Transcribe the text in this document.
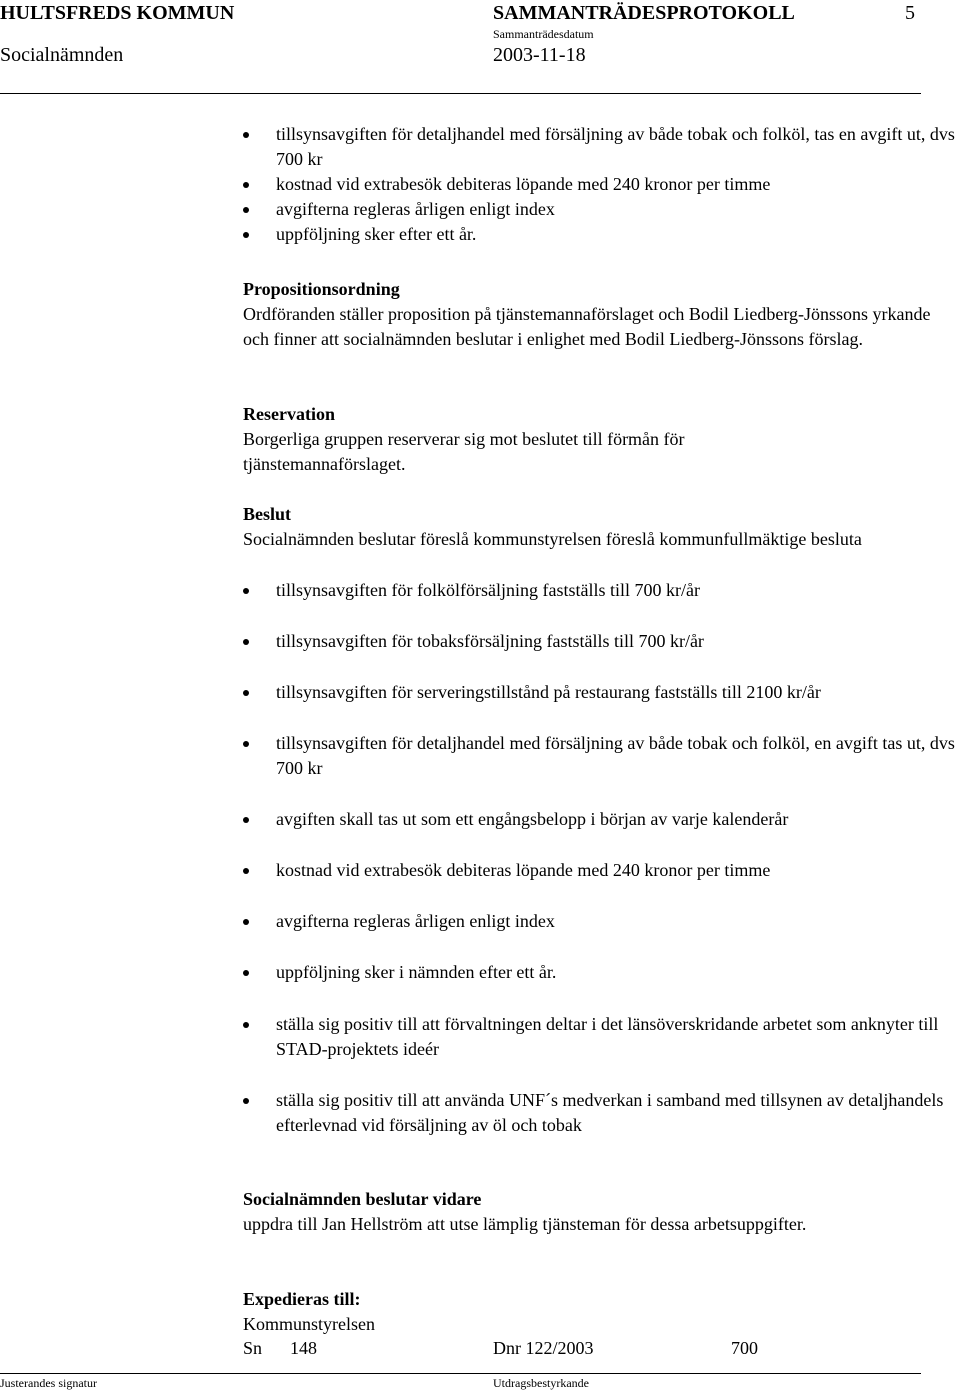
HULTSFREDS KOMMUN	SAMMANTRÄDESPROTOKOLL	5
Sammanträdesdatum
Socialnämnden	2003-11-18
tillsynsavgiften för detaljhandel med försäljning av både tobak och folköl, tas en avgift ut, dvs 700 kr
kostnad vid extrabesök debiteras löpande med 240 kronor per timme
avgifterna regleras årligen enligt index
uppföljning sker efter ett år.
Propositionsordning

Ordföranden ställer proposition på tjänstemannaförslaget och Bodil Liedberg-Jönssons yrkande och finner att socialnämnden beslutar i enlighet med Bodil Liedberg-Jönssons förslag.

Reservation

Borgerliga gruppen reserverar sig mot beslutet till förmån för tjänstemannaförslaget.

Beslut

Socialnämnden beslutar föreslå kommunstyrelsen föreslå kommunfullmäktige besluta

tillsynsavgiften för folkölförsäljning fastställs till 700 kr/år
tillsynsavgiften för tobaksförsäljning fastställs till 700 kr/år
tillsynsavgiften för serveringstillstånd på restaurang fastställs till 2100 kr/år
tillsynsavgiften för detaljhandel med försäljning av både tobak och folköl, en avgift tas ut, dvs 700 kr
avgiften skall tas ut som ett engångsbelopp i början av varje kalenderår
kostnad vid extrabesök debiteras löpande med 240 kronor per timme
avgifterna regleras årligen enligt index
uppföljning sker i nämnden efter ett år.
ställa sig positiv till att förvaltningen deltar i det länsöverskridande arbetet som anknyter till STAD-projektets ideér
ställa sig positiv till att använda UNF´s medverkan i samband med tillsynen av detaljhandels efterlevnad vid försäljning av öl och tobak
Socialnämnden beslutar vidare

uppdra till Jan Hellström att utse lämplig tjänsteman för dessa arbetsuppgifter.

Expedieras till:
Kommunstyrelsen
Sn 148	Dnr 122/2003	700
Justerandes signatur	Utdragsbestyrkande
